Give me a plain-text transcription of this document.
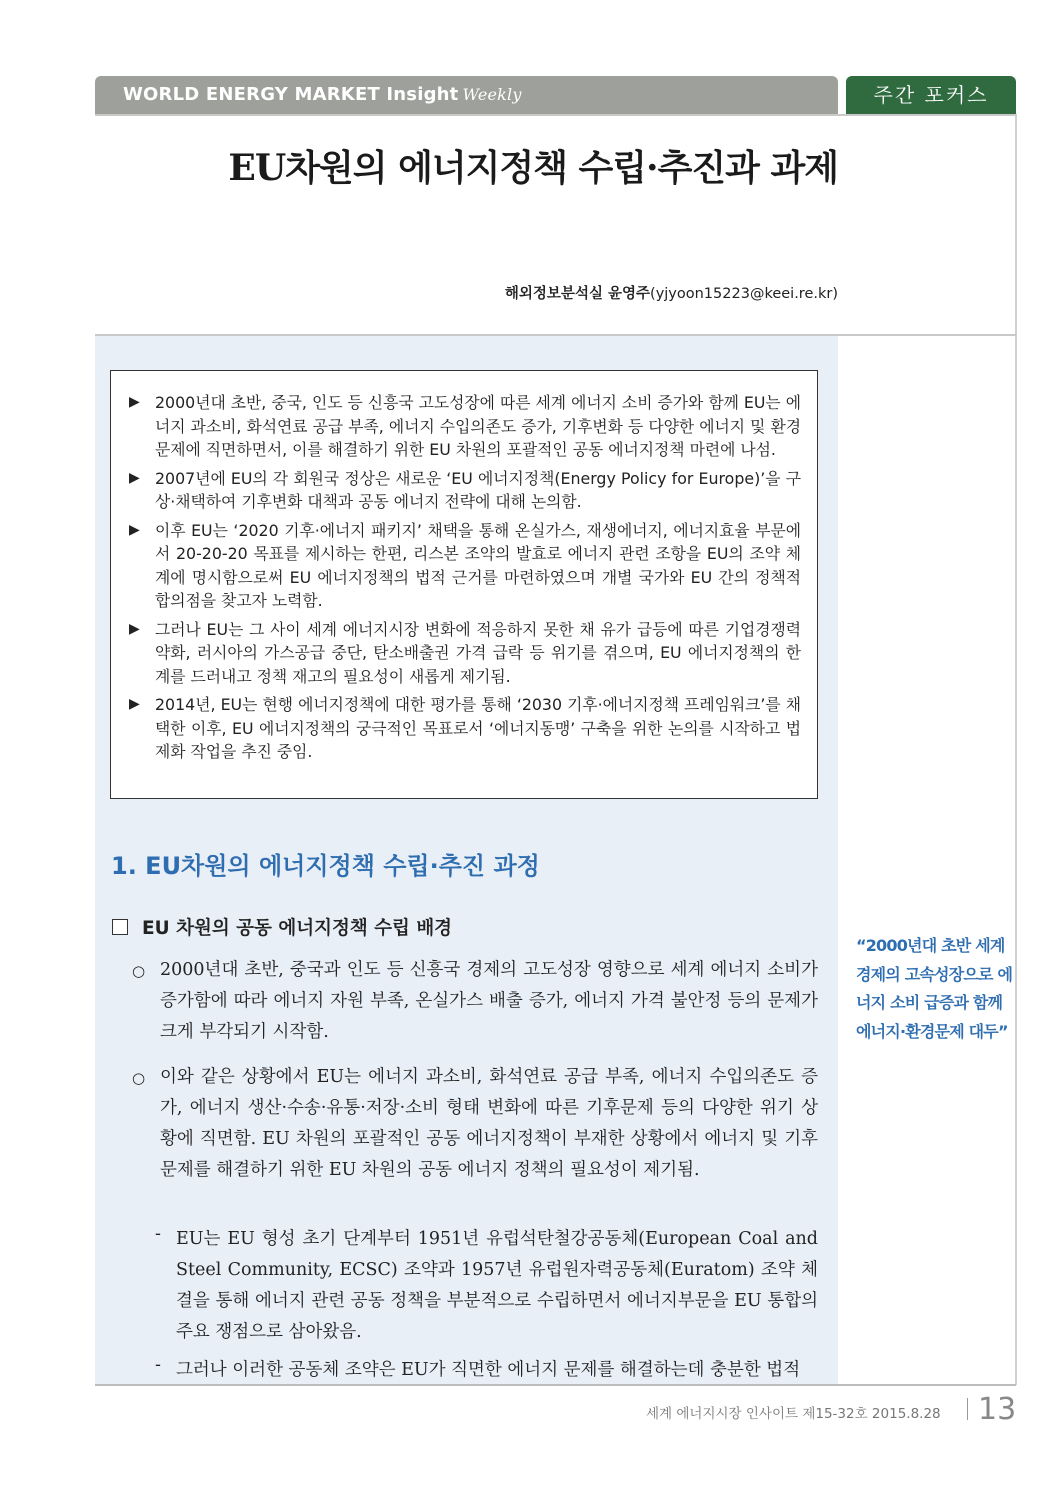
WORLD ENERGY MARKET Insight Weekly	주간 포커스
EU차원의 에너지정책 수립·추진과 과제
해외정보분석실 윤영주(yjyoon15223@keei.re.kr)
▶ 2000년대 초반, 중국, 인도 등 신흥국 고도성장에 따른 세계 에너지 소비 증가와 함께 EU는 에너지 과소비, 화석연료 공급 부족, 에너지 수입의존도 증가, 기후변화 등 다양한 에너지 및 환경 문제에 직면하면서, 이를 해결하기 위한 EU 차원의 포괄적인 공동 에너지정책 마련에 나섬.
▶ 2007년에 EU의 각 회원국 정상은 새로운 ‘EU 에너지정책(Energy Policy for Europe)’을 구상·채택하여 기후변화 대책과 공동 에너지 전략에 대해 논의함.
▶ 이후 EU는 ‘2020 기후·에너지 패키지’ 채택을 통해 온실가스, 재생에너지, 에너지효율 부문에서 20-20-20 목표를 제시하는 한편, 리스본 조약의 발효로 에너지 관련 조항을 EU의 조약 체계에 명시함으로써 EU 에너지정책의 법적 근거를 마련하였으며 개별 국가와 EU 간의 정책적 합의점을 찾고자 노력함.
▶ 그러나 EU는 그 사이 세계 에너지시장 변화에 적응하지 못한 채 유가 급등에 따른 기업경쟁력 약화, 러시아의 가스공급 중단, 탄소배출권 가격 급락 등 위기를 겪으며, EU 에너지정책의 한계를 드러내고 정책 재고의 필요성이 새롭게 제기됨.
▶ 2014년, EU는 현행 에너지정책에 대한 평가를 통해 ‘2030 기후·에너지정책 프레임워크’를 채택한 이후, EU 에너지정책의 궁극적인 목표로서 ‘에너지동맹’ 구축을 위한 논의를 시작하고 법제화 작업을 추진 중임.
1. EU차원의 에너지정책 수립·추진 과정
EU 차원의 공동 에너지정책 수립 배경
○ 2000년대 초반, 중국과 인도 등 신흥국 경제의 고도성장 영향으로 세계 에너지 소비가 증가함에 따라 에너지 자원 부족, 온실가스 배출 증가, 에너지 가격 불안정 등의 문제가 크게 부각되기 시작함.
○ 이와 같은 상황에서 EU는 에너지 과소비, 화석연료 공급 부족, 에너지 수입의존도 증가, 에너지 생산·수송·유통·저장·소비 형태 변화에 따른 기후문제 등의 다양한 위기 상황에 직면함. EU 차원의 포괄적인 공동 에너지정책이 부재한 상황에서 에너지 및 기후 문제를 해결하기 위한 EU 차원의 공동 에너지 정책의 필요성이 제기됨.
- EU는 EU 형성 초기 단계부터 1951년 유럽석탄철강공동체(European Coal and Steel Community, ECSC) 조약과 1957년 유럽원자력공동체(Euratom) 조약 체결을 통해 에너지 관련 공동 정책을 부분적으로 수립하면서 에너지부문을 EU 통합의 주요 쟁점으로 삼아왔음.
- 그러나 이러한 공동체 조약은 EU가 직면한 에너지 문제를 해결하는데 충분한 법적
“2000년대 초반 세계경제의 고속성장으로 에너지 소비 급증과 함께 에너지·환경문제 대두”
세계 에너지시장 인사이트 제15-32호 2015.8.28 13
